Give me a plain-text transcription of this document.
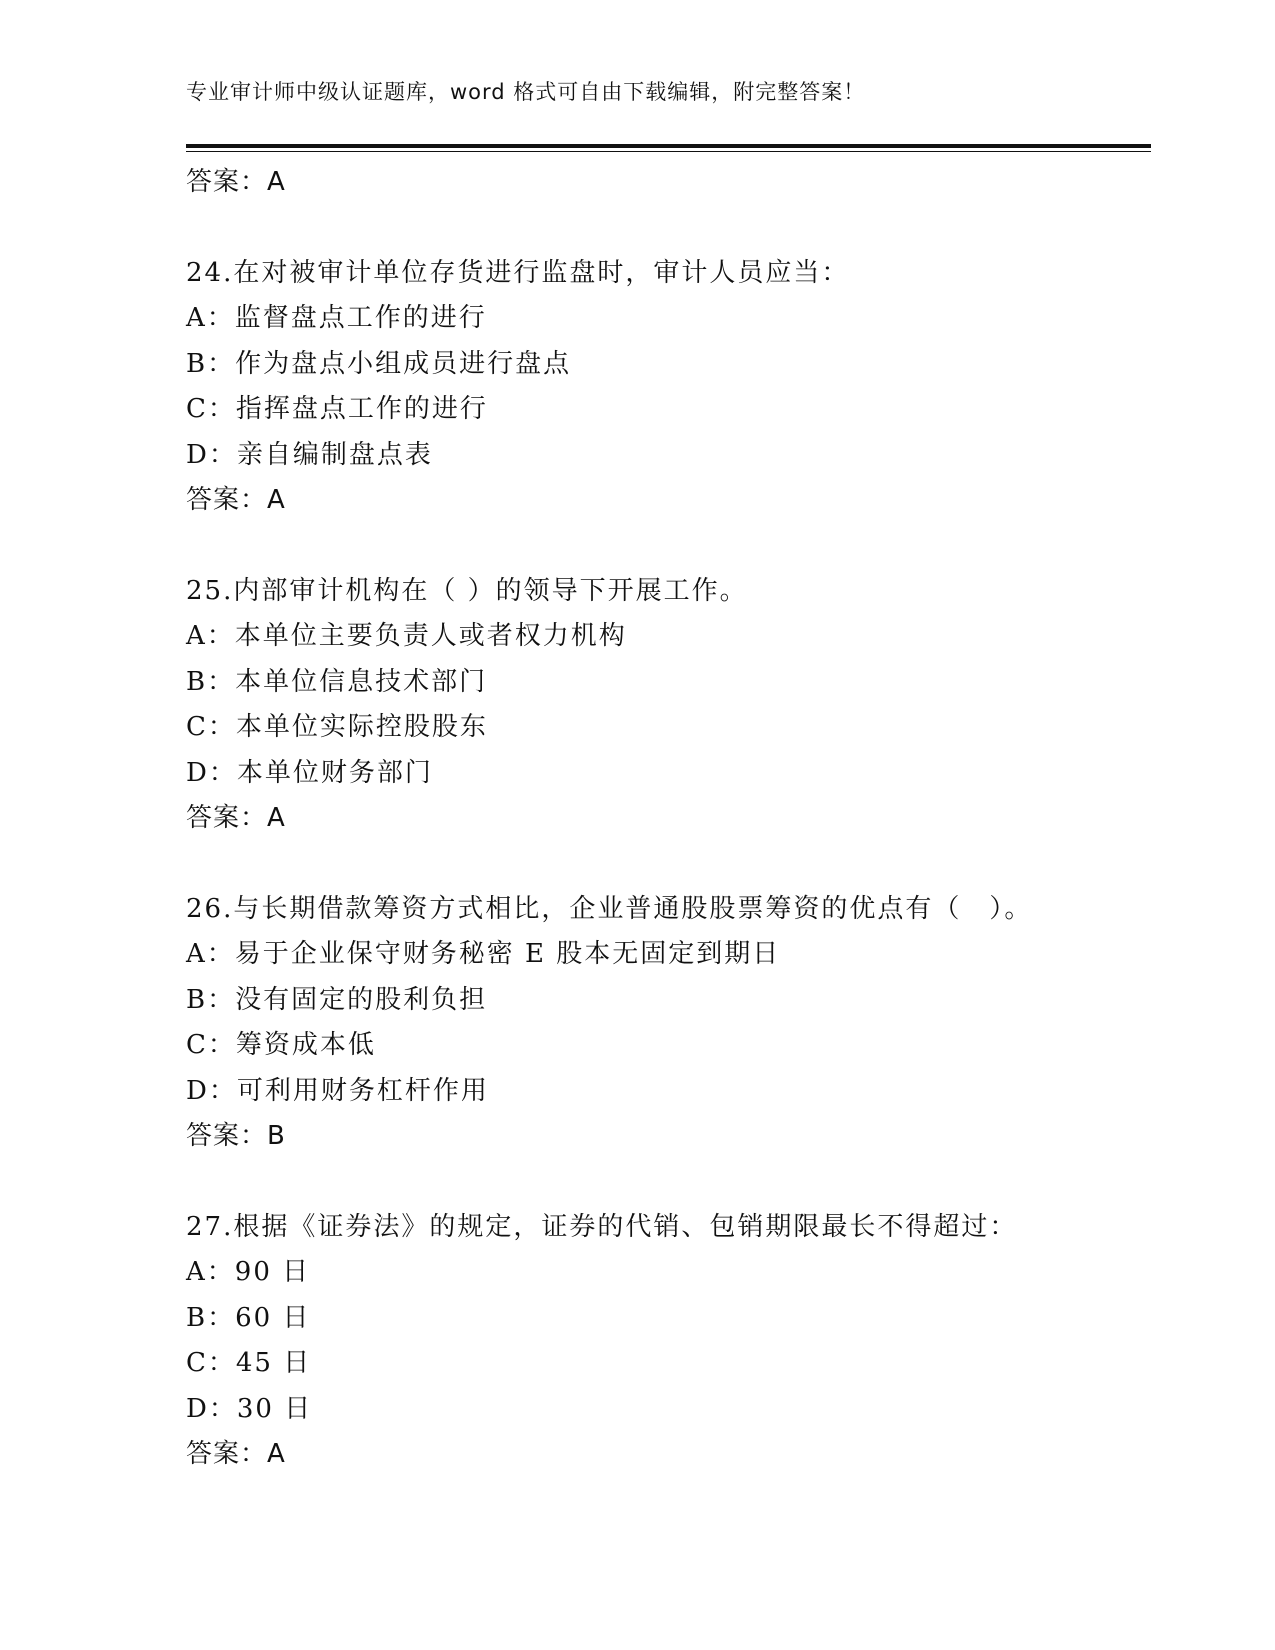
专业审计师中级认证题库，word 格式可自由下载编辑，附完整答案！
答案：A
24.在对被审计单位存货进行监盘时，审计人员应当：
A：监督盘点工作的进行
B：作为盘点小组成员进行盘点
C：指挥盘点工作的进行
D：亲自编制盘点表
答案：A
25.内部审计机构在（ ）的领导下开展工作。
A：本单位主要负责人或者权力机构
B：本单位信息技术部门
C：本单位实际控股股东
D：本单位财务部门
答案：A
26.与长期借款筹资方式相比，企业普通股股票筹资的优点有（　）。
A：易于企业保守财务秘密 E 股本无固定到期日
B：没有固定的股利负担
C：筹资成本低
D：可利用财务杠杆作用
答案：B
27.根据《证券法》的规定，证券的代销、包销期限最长不得超过：
A：90 日
B：60 日
C：45 日
D：30 日
答案：A
